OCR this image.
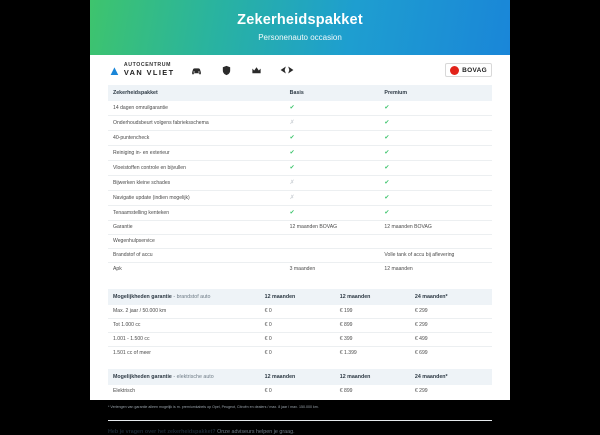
Zekerheidspakket
Personenauto occasion
▲ AUTOCENTRUM
VAN VLIET	BOVAG
Zekerheidspakket	Basis	Premium
14 dagen omruilgarantie	✔	✔
Onderhoudsbeurt volgens fabrieksschema	✗	✔
40-puntencheck	✔	✔
Reiniging in- en exterieur	✔	✔
Vloeistoffen controle en bijvullen	✔	✔
Bijwerken kleine schades	✗	✔
Navigatie update (indien mogelijk)	✗	✔
Tenaamstelling kenteken	✔	✔
Garantie	12 maanden BOVAG	12 maanden BOVAG
Wegenhulpservice		
Brandstof of accu		Volle tank of accu bij aflevering
Apk	3 maanden	12 maanden
Mogelijkheden garantie - brandstof auto	12 maanden	12 maanden	24 maanden*
Max. 2 jaar / 50.000 km	€ 0	€ 199	€ 299
Tot 1.000 cc	€ 0	€ 899	€ 299
1.001 - 1.500 cc	€ 0	€ 399	€ 499
1.501 cc of meer	€ 0	€ 1.399	€ 699
Mogelijkheden garantie - elektrische auto	12 maanden	12 maanden	24 maanden*
Elektrisch	€ 0	€ 899	€ 299
* Verlengen van garantie alleen mogelijk is m. premiumkabels op Opel, Peugeot, Citroën en dealers / max. 8 jaar / max. 150.000 km.
Heb je vragen over het zekerheidspakket? Onze adviseurs helpen je graag.
